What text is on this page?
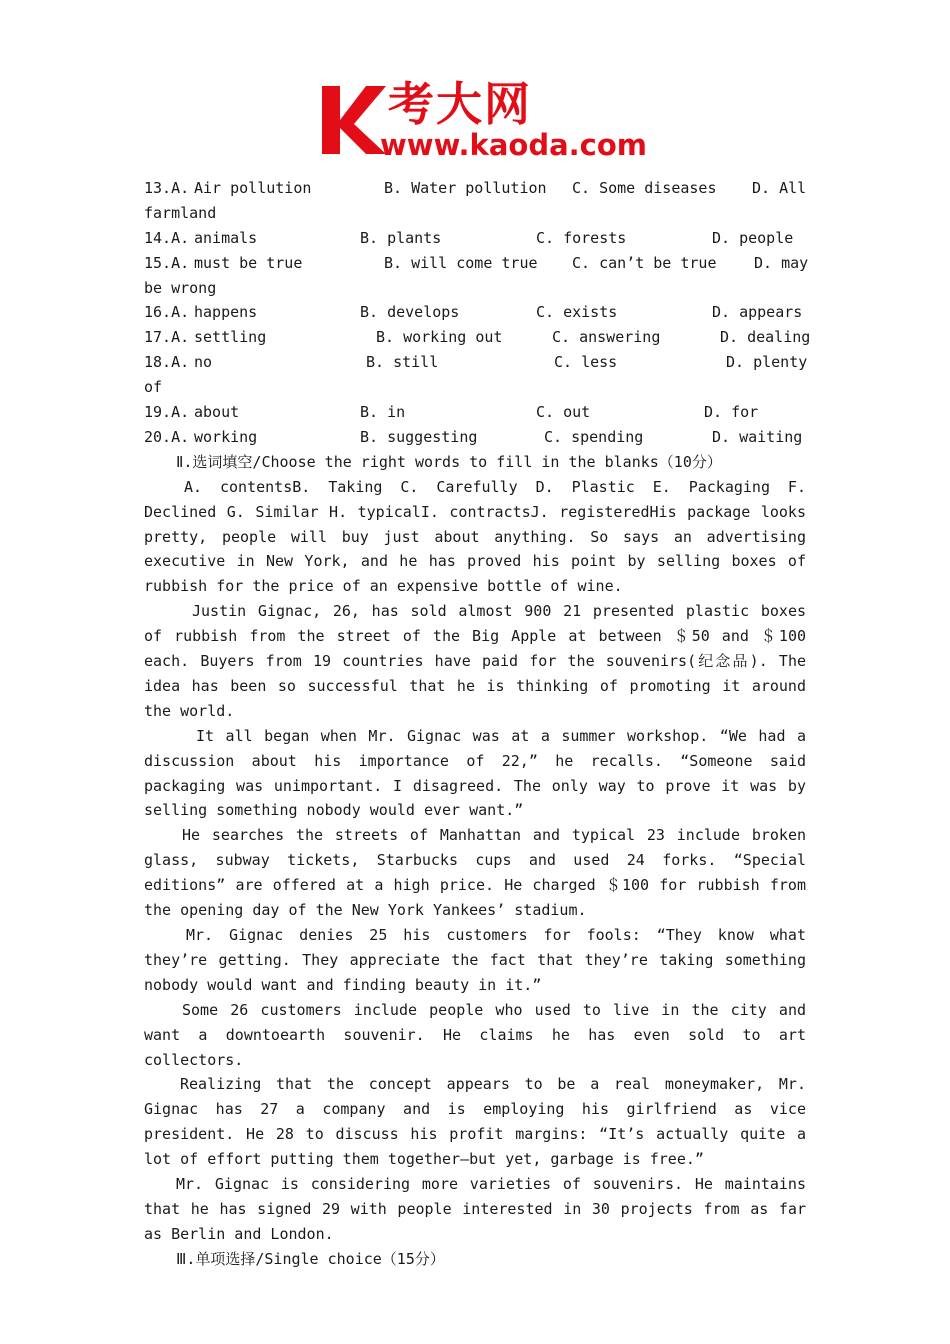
考大网
www.kaoda.com
13.A. Air pollution	B. Water pollution C. Some diseases D. All
farmland
14.A. animals	B. plants	C. forests	D. people
15.A. must be true	B. will come true C. can’t be true	D. may
be wrong
16.A. happens	B. develops	C. exists	D. appears
17.A. settling	B. working out	C. answering	D. dealing
18.A. no	B. still	C. less	D. plenty
of
19.A. about	B. in	C. out	D. for
20.A. working	B. suggesting	C. spending	D. waiting

Ⅱ.选词填空/Choose the right words to fill in the blanks（10分）

A. contentsB. Taking C. Carefully D. Plastic E. Packaging F. Declined G. Similar H. typicalI. contractsJ. registeredHis package looks pretty, people will buy just about anything. So says an advertising executive in New York, and he has proved his point by selling boxes of rubbish for the price of an expensive bottle of wine.

Justin Gignac, 26, has sold almost 900 21 presented plastic boxes of rubbish from the street of the Big Apple at between ＄50 and ＄100 each. Buyers from 19 countries have paid for the souvenirs(纪念品). The idea has been so successful that he is thinking of promoting it around the world.

It all began when Mr. Gignac was at a summer workshop. “We had a discussion about his importance of 22,” he recalls. “Someone said packaging was unimportant. I disagreed. The only way to prove it was by selling something nobody would ever want.”

He searches the streets of Manhattan and typical 23 include broken glass, subway tickets, Starbucks cups and used 24 forks. “Special editions” are offered at a high price. He charged ＄100 for rubbish from the opening day of the New York Yankees’ stadium.

Mr. Gignac denies 25 his customers for fools: “They know what they’re getting. They appreciate the fact that they’re taking something nobody would want and finding beauty in it.”

Some 26 customers include people who used to live in the city and want a downtoearth souvenir. He claims he has even sold to art collectors.

Realizing that the concept appears to be a real moneymaker, Mr. Gignac has 27 a company and is employing his girlfriend as vice president. He 28 to discuss his profit margins: “It’s actually quite a lot of effort putting them together—but yet, garbage is free.”

Mr. Gignac is considering more varieties of souvenirs. He maintains that he has signed 29 with people interested in 30 projects from as far as Berlin and London.

Ⅲ.单项选择/Single choice（15分）
